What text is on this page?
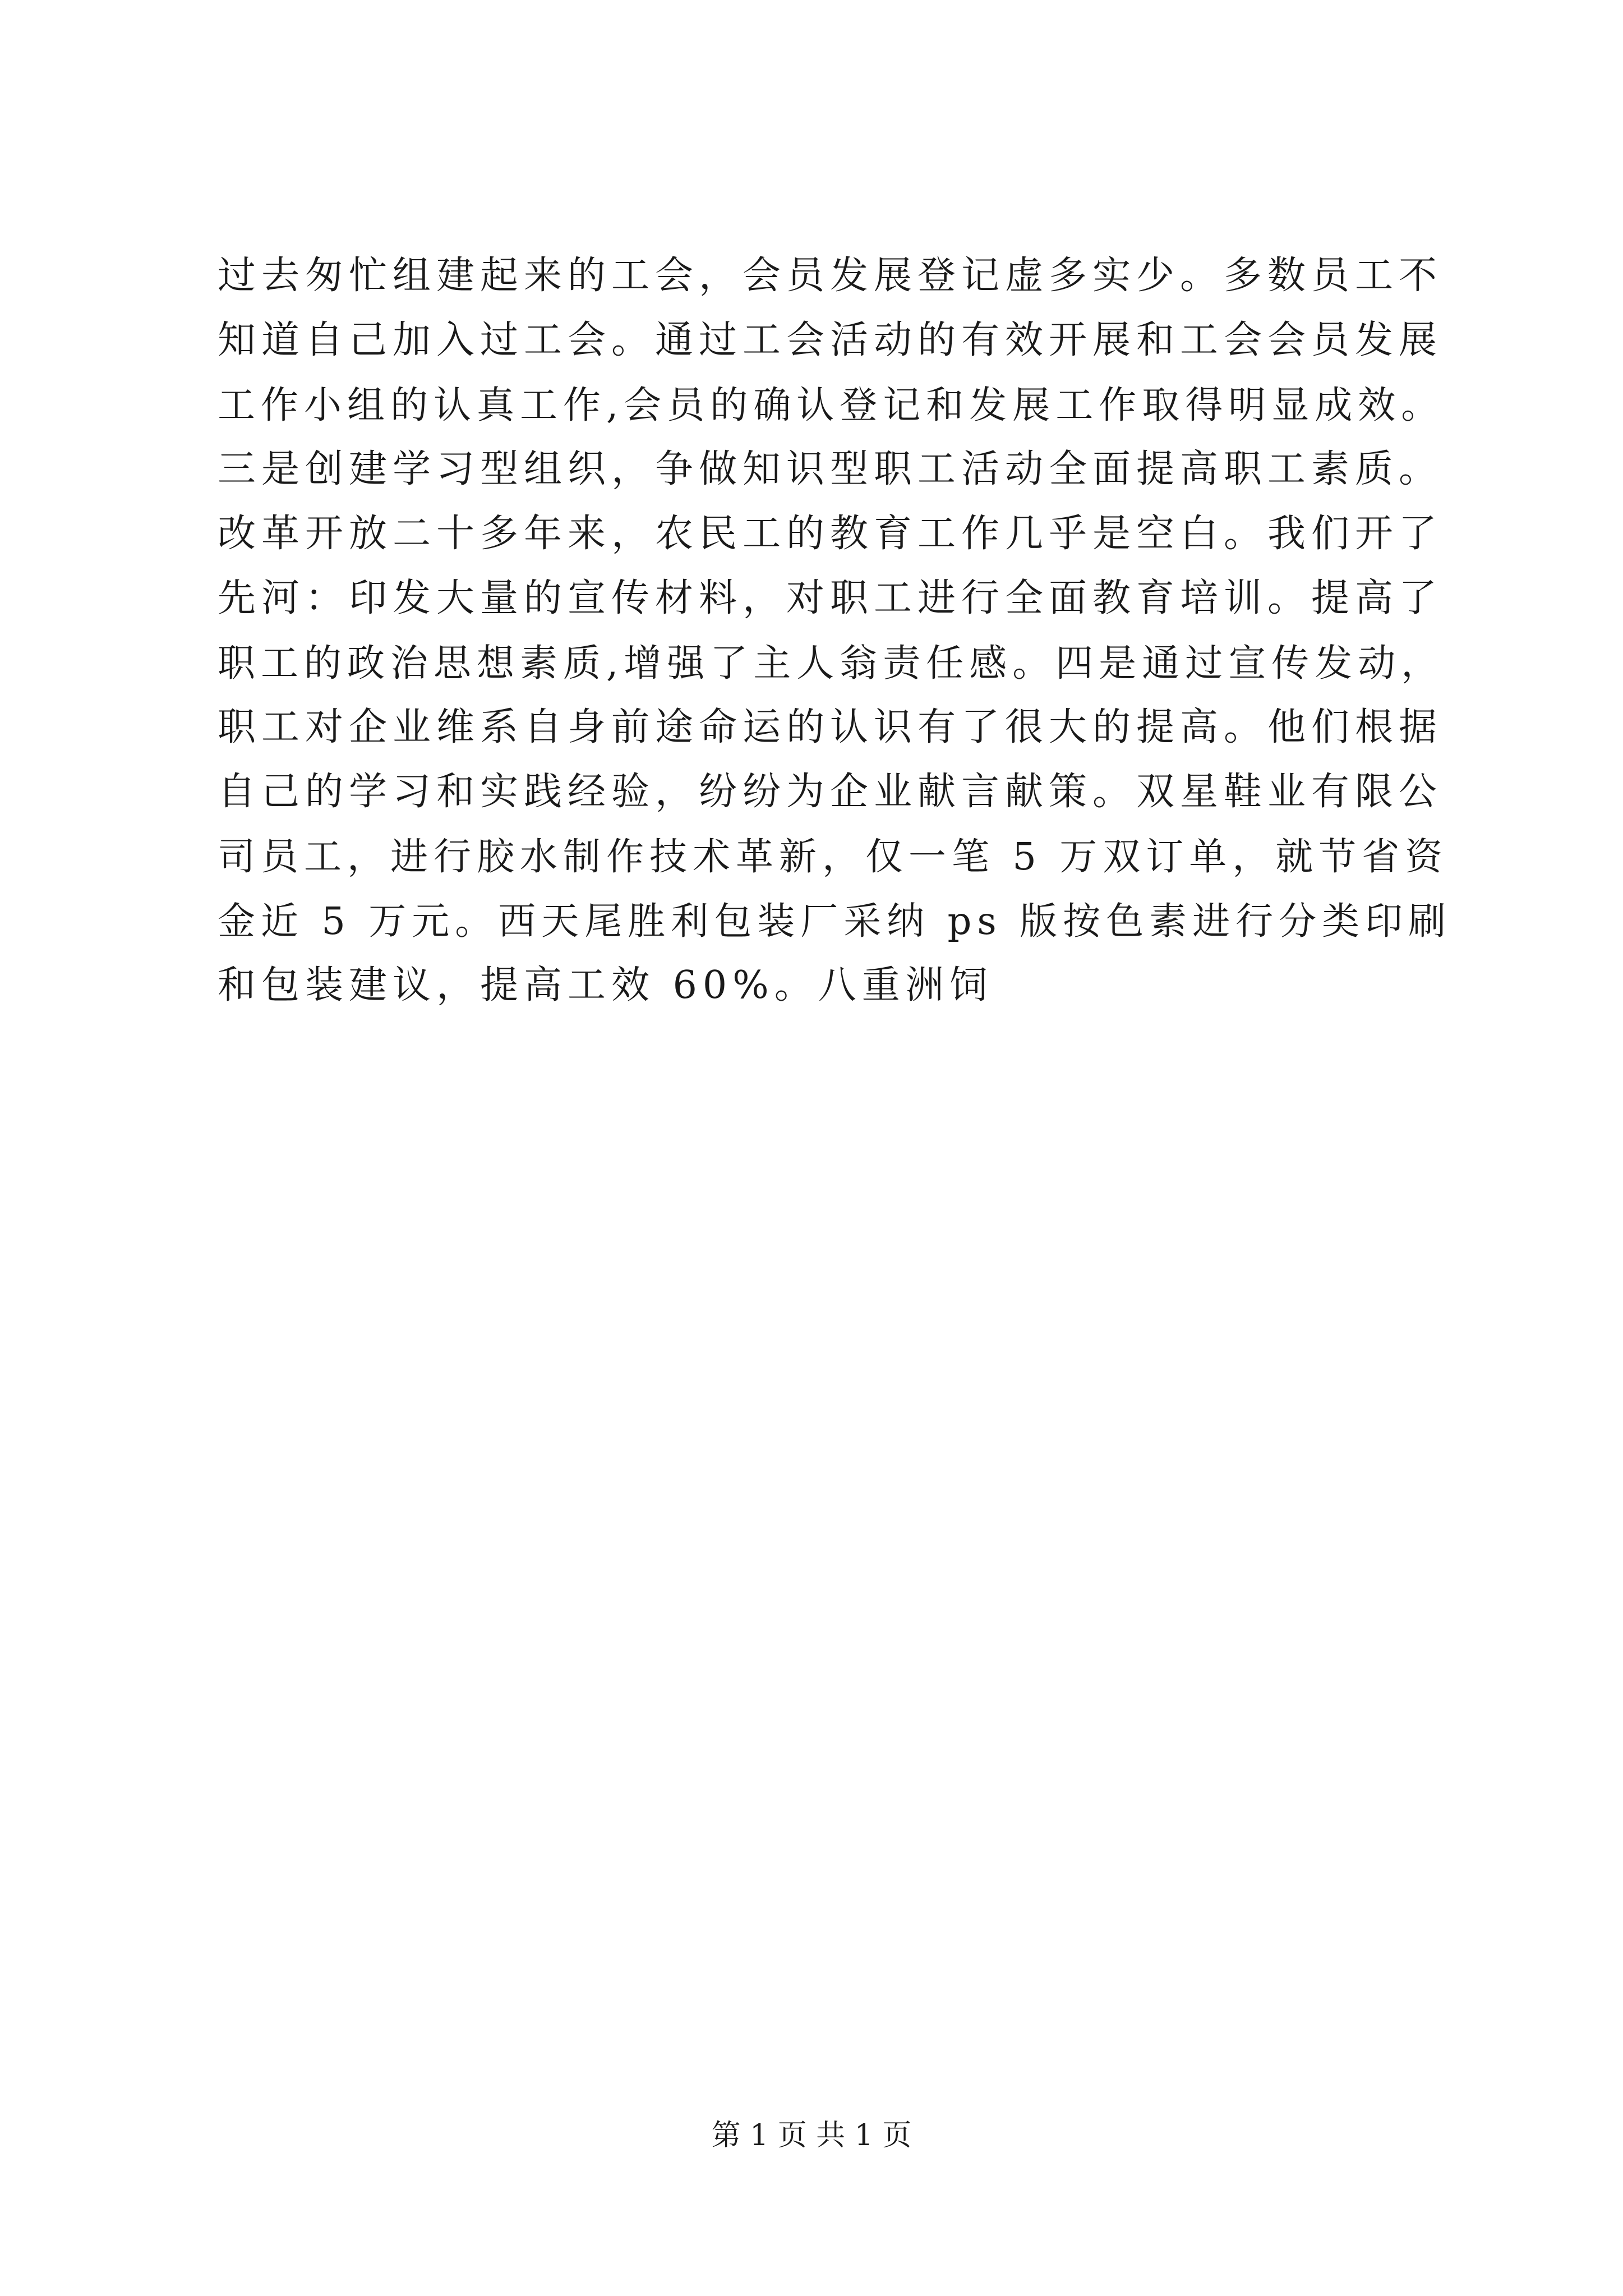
过去匆忙组建起来的工会，会员发展登记虚多实少。多数员工不
知道自己加入过工会。通过工会活动的有效开展和工会会员发展
工作小组的认真工作,会员的确认登记和发展工作取得明显成效。
三是创建学习型组织，争做知识型职工活动全面提高职工素质。
改革开放二十多年来，农民工的教育工作几乎是空白。我们开了
先河：印发大量的宣传材料，对职工进行全面教育培训。提高了
职工的政治思想素质,增强了主人翁责任感。四是通过宣传发动，
职工对企业维系自身前途命运的认识有了很大的提高。他们根据
自己的学习和实践经验，纷纷为企业献言献策。双星鞋业有限公
司员工，进行胶水制作技术革新，仅一笔 5 万双订单，就节省资
金近 5 万元。西天尾胜利包装厂采纳 ps 版按色素进行分类印刷
和包装建议，提高工效 60%。八重洲饲
第 1 页 共 1 页
